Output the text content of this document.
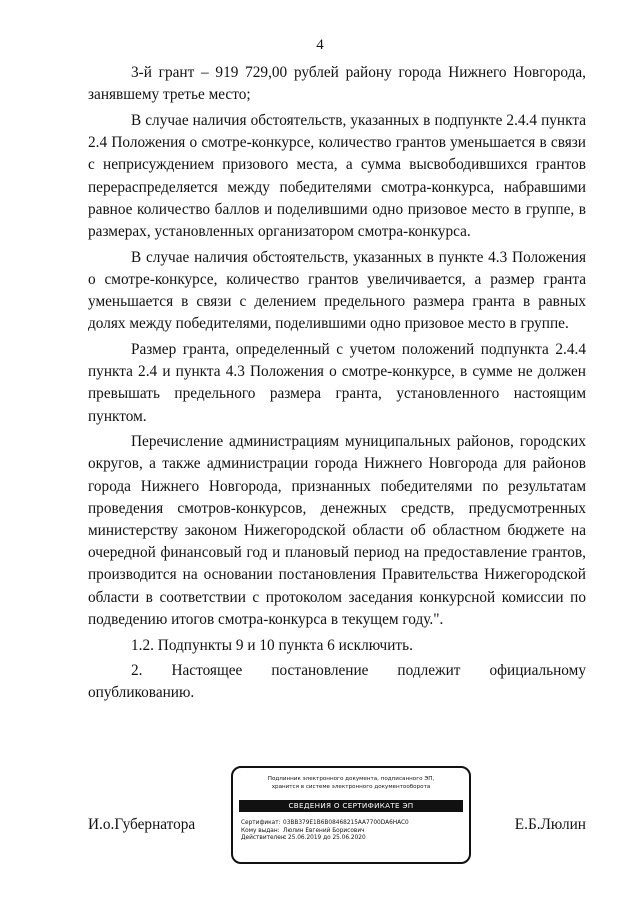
4

3-й грант – 919 729,00 рублей району города Нижнего Новгорода, занявшему третье место;

В случае наличия обстоятельств, указанных в подпункте 2.4.4 пункта 2.4 Положения о смотре-конкурсе, количество грантов уменьшается в связи с неприсуждением призового места, а сумма высвободившихся грантов перераспределяется между победителями смотра-конкурса, набравшими равное количество баллов и поделившими одно призовое место в группе, в размерах, установленных организатором смотра-конкурса.

В случае наличия обстоятельств, указанных в пункте 4.3 Положения о смотре-конкурсе, количество грантов увеличивается, а размер гранта уменьшается в связи с делением предельного размера гранта в равных долях между победителями, поделившими одно призовое место в группе.

Размер гранта, определенный с учетом положений подпункта 2.4.4 пункта 2.4 и пункта 4.3 Положения о смотре-конкурсе, в сумме не должен превышать предельного размера гранта, установленного настоящим пунктом.

Перечисление администрациям муниципальных районов, городских округов, а также администрации города Нижнего Новгорода для районов города Нижнего Новгорода, признанных победителями по результатам проведения смотров-конкурсов, денежных средств, предусмотренных министерству законом Нижегородской области об областном бюджете на очередной финансовый год и плановый период на предоставление грантов, производится на основании постановления Правительства Нижегородской области в соответствии с протоколом заседания конкурсной комиссии по подведению итогов смотра-конкурса в текущем году.".

1.2. Подпункты 9 и 10 пункта 6 исключить.

2. Настоящее постановление подлежит официальному опубликованию.

И.о.Губернатора	Е.Б.Люлин
Подлинник электронного документа, подписанного ЭП,
хранится в системе электронного документооборота
СВЕДЕНИЯ О СЕРТИФИКАТЕ ЭП
Сертификат: 03BB379E1B6B08468215AA7700DA6HAC0
Кому выдан: Люлин Евгений Борисович
Действителен:с 25.06.2019 до 25.06.2020
